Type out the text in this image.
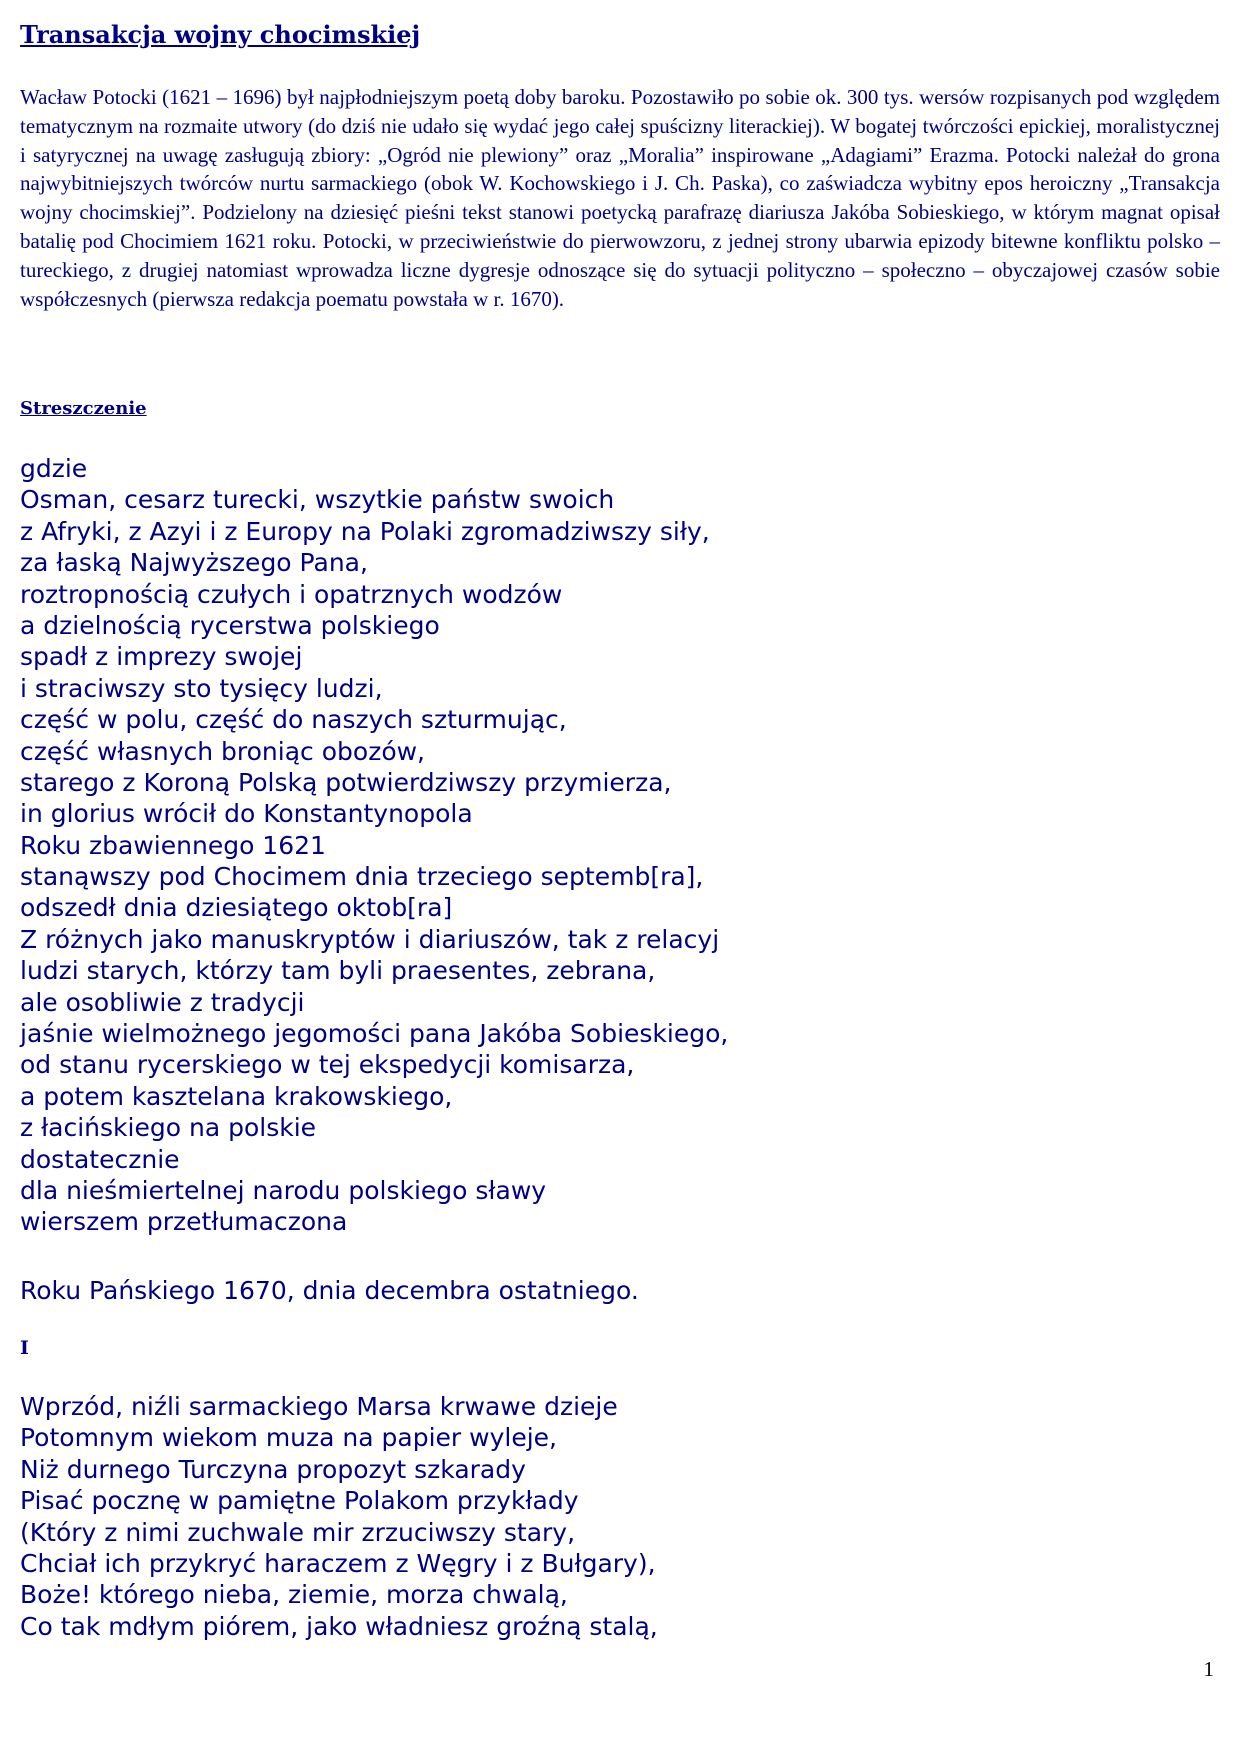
Transakcja wojny chocimskiej

Wacław Potocki (1621 – 1696) był najpłodniejszym poetą doby baroku. Pozostawiło po sobie ok. 300 tys. wersów rozpisanych pod względem tematycznym na rozmaite utwory (do dziś nie udało się wydać jego całej spuścizny literackiej). W bogatej twórczości epickiej, moralistycznej i satyrycznej na uwagę zasługują zbiory: „Ogród nie plewiony” oraz „Moralia” inspirowane „Adagiami” Erazma. Potocki należał do grona najwybitniejszych twórców nurtu sarmackiego (obok W. Kochowskiego i J. Ch. Paska), co zaświadcza wybitny epos heroiczny „Transakcja wojny chocimskiej”. Podzielony na dziesięć pieśni tekst stanowi poetycką parafrazę diariusza Jakóba Sobieskiego, w którym magnat opisał batalię pod Chocimiem 1621 roku. Potocki, w przeciwieństwie do pierwowzoru, z jednej strony ubarwia epizody bitewne konfliktu polsko – tureckiego, z drugiej natomiast wprowadza liczne dygresje odnoszące się do sytuacji polityczno – społeczno – obyczajowej czasów sobie współczesnych (pierwsza redakcja poematu powstała w r. 1670).

Streszczenie
gdzie
Osman, cesarz turecki, wszytkie państw swoich
z Afryki, z Azyi i z Europy na Polaki zgromadziwszy siły,
za łaską Najwyższego Pana,
roztropnością czułych i opatrznych wodzów
a dzielnością rycerstwa polskiego
spadł z imprezy swojej
i straciwszy sto tysięcy ludzi,
część w polu, część do naszych szturmując,
część własnych broniąc obozów,
starego z Koroną Polską potwierdziwszy przymierza,
in glorius wrócił do Konstantynopola
Roku zbawiennego 1621
stanąwszy pod Chocimem dnia trzeciego septemb[ra],
odszedł dnia dziesiątego oktob[ra]
Z różnych jako manuskryptów i diariuszów, tak z relacyj
ludzi starych, którzy tam byli praesentes, zebrana,
ale osobliwie z tradycji
jaśnie wielmożnego jegomości pana Jakóba Sobieskiego,
od stanu rycerskiego w tej ekspedycji komisarza,
a potem kasztelana krakowskiego,
z łacińskiego na polskie
dostatecznie
dla nieśmiertelnej narodu polskiego sławy
wierszem przetłumaczona

Roku Pańskiego 1670, dnia decembra ostatniego.

I

Wprzód, niźli sarmackiego Marsa krwawe dzieje
Potomnym wiekom muza na papier wyleje,
Niż durnego Turczyna propozyt szkarady
Pisać pocznę w pamiętne Polakom przykłady
(Który z nimi zuchwale mir zrzuciwszy stary,
Chciał ich przykryć haraczem z Węgry i z Bułgary),
Boże! którego nieba, ziemie, morza chwalą,
Co tak mdłym piórem, jako władniesz groźną stalą,

1
